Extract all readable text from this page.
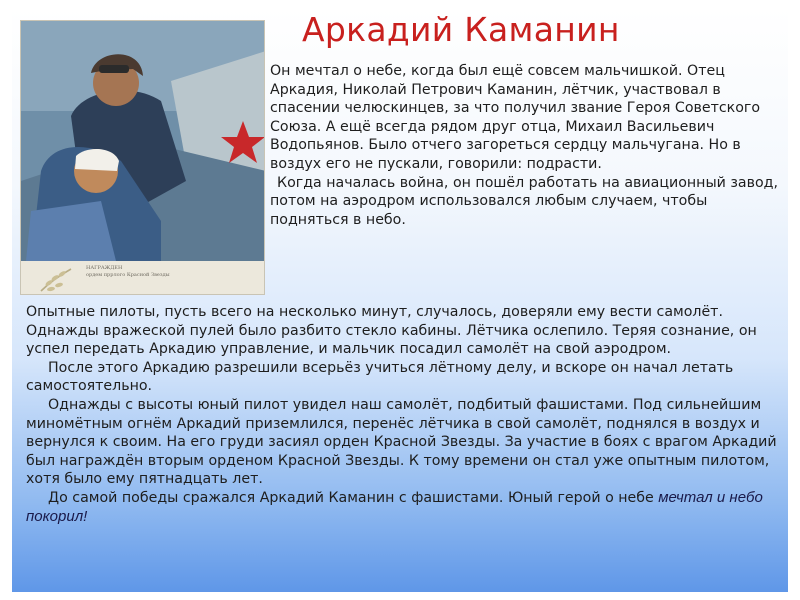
Аркадий Каманин
НАГРАЖДЕН
ордем пррлого Красной Звезды

Он мечтал о небе, когда был ещё совсем мальчишкой. Отец Аркадия, Николай Петрович Каманин, лётчик, участвовал в спасении челюскинцев, за что получил звание Героя Советского Союза. А ещё всегда рядом друг отца, Михаил Васильевич Водопьянов. Было отчего загореться сердцу мальчугана. Но в воздух его не пускали, говорили: подрасти.

Когда началась война, он пошёл работать на авиационный завод, потом на аэродром использовался любым случаем, чтобы подняться в небо.

Опытные пилоты, пусть всего на несколько минут, случалось, доверяли ему вести самолёт. Однажды вражеской пулей было разбито стекло кабины. Лётчика ослепило. Теряя сознание, он успел передать Аркадию управление, и мальчик посадил самолёт на свой аэродром.

После этого Аркадию разрешили всерьёз учиться лётному делу, и вскоре он начал летать самостоятельно.

Однажды с высоты юный пилот увидел наш самолёт, подбитый фашистами. Под сильнейшим миномётным огнём Аркадий приземлился, перенёс лётчика в свой самолёт, поднялся в воздух и вернулся к своим. На его груди засиял орден Красной Звезды. За участие в боях с врагом Аркадий был награждён вторым орденом Красной Звезды. К тому времени он стал уже опытным пилотом, хотя было ему пятнадцать лет.

До самой победы сражался Аркадий Каманин с фашистами. Юный герой о небе мечтал и небо покорил!
